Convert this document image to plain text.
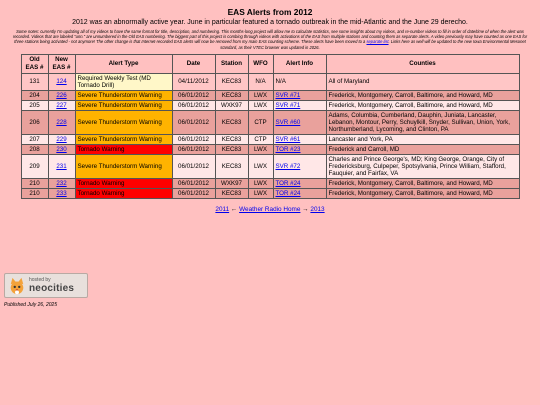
EAS Alerts from 2012

2012 was an abnormally active year. June in particular featured a tornado outbreak in the mid-Atlantic and the June 29 derecho.

Some notes: currently I'm updating all of my videos to have the same format for title, description, and numbering. This months-long project will allow me to calculate statistics, see some insights about my videos, and re-number videos to fill in order of date/time of when the alert was recorded. Videos that are labeled "unn." are unnumbered in the Old EAS numbering. The biggest part of this project is combing through videos with activations of the EAS from multiple stations and counting them as separate alerts. A video previously may have counted as one EAS for three stations being activated - not anymore! The other change is that Internet-recorded EAS alerts will now be removed from my main EAS counting scheme. These alerts have been moved to a separate list. Links here as well will be updated to the new Iowa Environmental Mesonet standard, as their VTEC browser was updated in 2026.

Old EAS #	New EAS #	Alert Type	Date	Station	WFO	Alert Info	Counties
131	124	Required Weekly Test (MD Tornado Drill)	04/11/2012	KEC83	N/A	N/A	All of Maryland
204	226	Severe Thunderstorm Warning	06/01/2012	KEC83	LWX	SVR #71	Frederick, Montgomery, Carroll, Baltimore, and Howard, MD
205	227	Severe Thunderstorm Warning	06/01/2012	WXK97	LWX	SVR #71	Frederick, Montgomery, Carroll, Baltimore, and Howard, MD
206	228	Severe Thunderstorm Warning	06/01/2012	KEC83	CTP	SVR #60	Adams, Columbia, Cumberland, Dauphin, Juniata, Lancaster, Lebanon, Montour, Perry, Schuylkill, Snyder, Sullivan, Union, York, Northumberland, Lycoming, and Clinton, PA
207	229	Severe Thunderstorm Warning	06/01/2012	KEC83	CTP	SVR #61	Lancaster and York, PA
208	230	Tornado Warning	06/01/2012	KEC83	LWX	TOR #23	Frederick and Carroll, MD
209	231	Severe Thunderstorm Warning	06/01/2012	KEC83	LWX	SVR #72	Charles and Prince George's, MD; King George, Orange, City of Fredericksburg, Culpeper, Spotsylvania, Prince William, Stafford, Fauquier, and Fairfax, VA
210	232	Tornado Warning	06/01/2012	WXK97	LWX	TOR #24	Frederick, Montgomery, Carroll, Baltimore, and Howard, MD
210	233	Tornado Warning	06/01/2012	KEC83	LWX	TOR #24	Frederick, Montgomery, Carroll, Baltimore, and Howard, MD
2011 ← Weather Radio Home → 2013
hosted by
neocities
Published July 26, 2025
